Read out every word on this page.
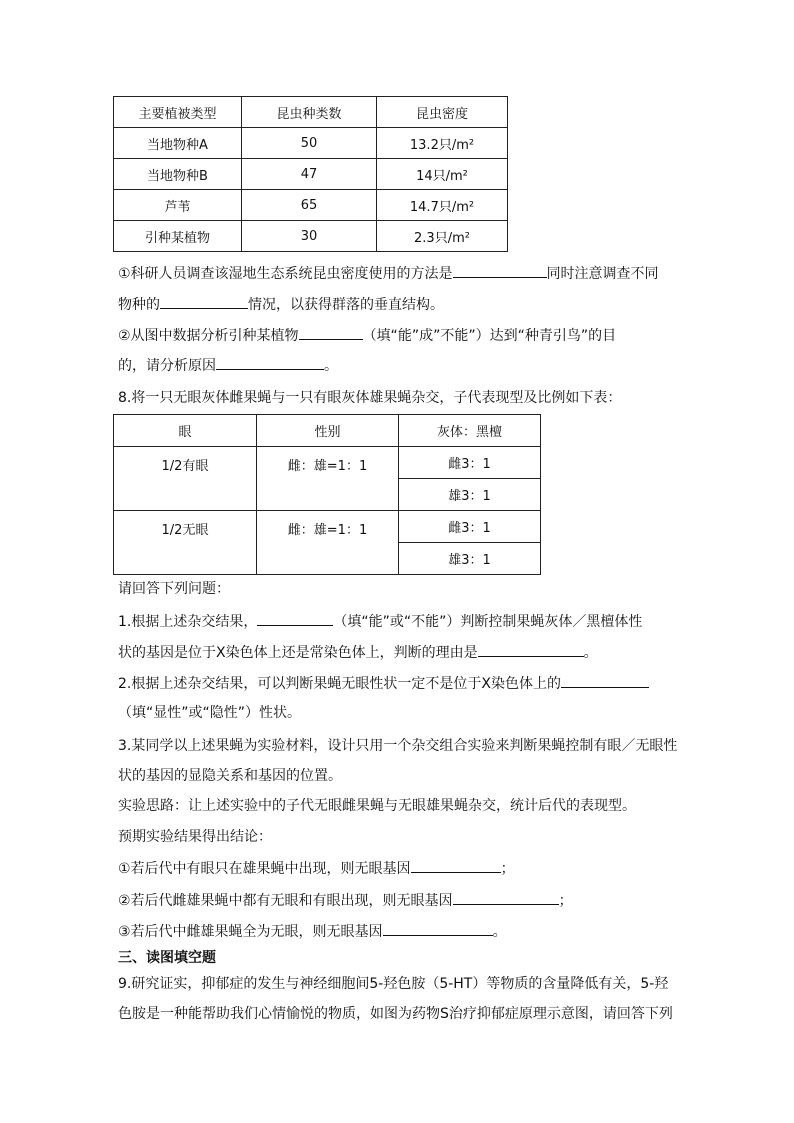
主要植被类型	昆虫种类数	昆虫密度
当地物种A	50	13.2只/m²
当地物种B	47	14只/m²
芦苇	65	14.7只/m²
引种某植物	30	2.3只/m²
①科研人员调查该湿地生态系统昆虫密度使用的方法是	同时注意调查不同
物种的	情况，以获得群落的垂直结构。
②从图中数据分析引种某植物	（填“能”成”不能”）达到“种青引鸟”的目
的，请分析原因	。
8.将一只无眼灰体雌果蝇与一只有眼灰体雄果蝇杂交，子代表现型及比例如下表：
眼	性别	灰体：黑檀
1/2有眼	雌：雄=1：1	雌3：1
		雄3：1
1/2无眼	雌：雄=1：1	雌3：1
		雄3：1
请回答下列问题：
1.根据上述杂交结果，	（填“能”或“不能”）判断控制果蝇灰体／黑檀体性
状的基因是位于X染色体上还是常染色体上，判断的理由是	。
2.根据上述杂交结果，可以判断果蝇无眼性状一定不是位于X染色体上的
（填“显性”或“隐性”）性状。
3.某同学以上述果蝇为实验材料，设计只用一个杂交组合实验来判断果蝇控制有眼／无眼性
状的基因的显隐关系和基因的位置。
实验思路：让上述实验中的子代无眼雌果蝇与无眼雄果蝇杂交，统计后代的表现型。
预期实验结果得出结论：
①若后代中有眼只在雄果蝇中出现，则无眼基因	；
②若后代雌雄果蝇中都有无眼和有眼出现，则无眼基因	；
③若后代中雌雄果蝇全为无眼，则无眼基因	。
三、读图填空题
9.研究证实，抑郁症的发生与神经细胞间5-羟色胺（5-HT）等物质的含量降低有关，5-羟
色胺是一种能帮助我们心情愉悦的物质，如图为药物S治疗抑郁症原理示意图，请回答下列
